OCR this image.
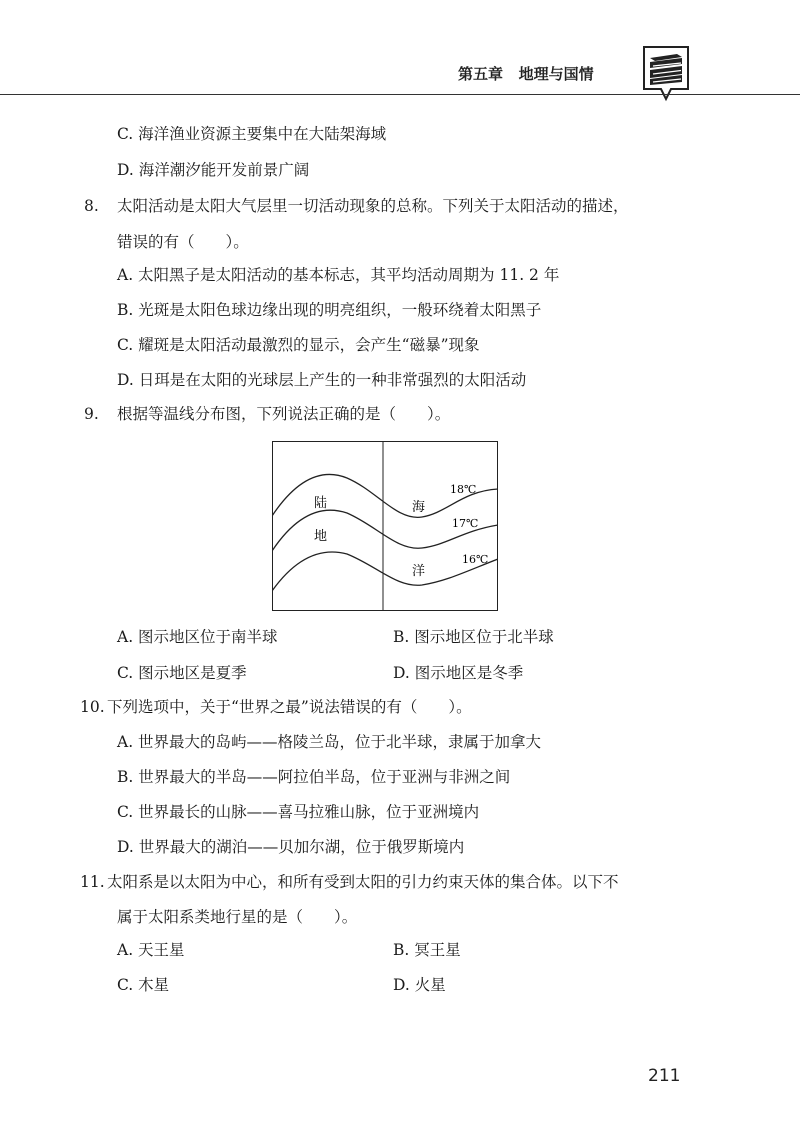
第五章   地理与国情
C. 海洋渔业资源主要集中在大陆架海域
D. 海洋潮汐能开发前景广阔
8. 太阳活动是太阳大气层里一切活动现象的总称。下列关于太阳活动的描述，
错误的有（　　）。
A. 太阳黑子是太阳活动的基本标志，其平均活动周期为 11. 2 年
B. 光斑是太阳色球边缘出现的明亮组织，一般环绕着太阳黑子
C. 耀斑是太阳活动最激烈的显示，会产生“磁暴”现象
D. 日珥是在太阳的光球层上产生的一种非常强烈的太阳活动
9. 根据等温线分布图，下列说法正确的是（　　）。
陆
地
海
洋
18℃
17℃
16℃
A. 图示地区位于南半球	B. 图示地区位于北半球
C. 图示地区是夏季	D. 图示地区是冬季
10. 下列选项中，关于“世界之最”说法错误的有（　　）。
A. 世界最大的岛屿——格陵兰岛，位于北半球，隶属于加拿大
B. 世界最大的半岛——阿拉伯半岛，位于亚洲与非洲之间
C. 世界最长的山脉——喜马拉雅山脉，位于亚洲境内
D. 世界最大的湖泊——贝加尔湖，位于俄罗斯境内
11. 太阳系是以太阳为中心，和所有受到太阳的引力约束天体的集合体。以下不
属于太阳系类地行星的是（　　）。
A. 天王星	B. 冥王星
C. 木星	D. 火星
211
